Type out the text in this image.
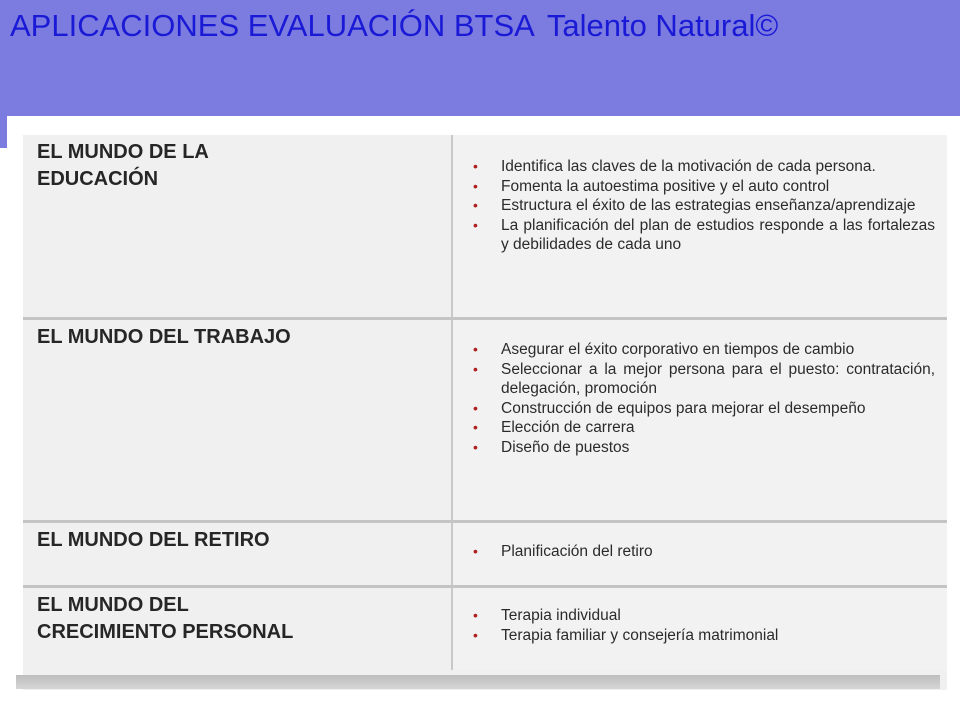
APLICACIONES EVALUACIÓN BTSA Talento Natural©

EL MUNDO DE LA
EDUCACIÓN

• Identifica las claves de la motivación de cada persona.
• Fomenta la autoestima positive y el auto control
• Estructura el éxito de las estrategias enseñanza/aprendizaje
• La planificación del plan de estudios responde a las fortalezas y debilidades de cada uno

EL MUNDO DEL TRABAJO

• Asegurar el éxito corporativo en tiempos de cambio
• Seleccionar a la mejor persona para el puesto: contratación, delegación, promoción
• Construcción de equipos para mejorar el desempeño
• Elección de carrera
• Diseño de puestos

EL MUNDO DEL RETIRO	• Planificación del retiro

EL MUNDO DEL
CRECIMIENTO PERSONAL

• Terapia individual
• Terapia familiar y consejería matrimonial
